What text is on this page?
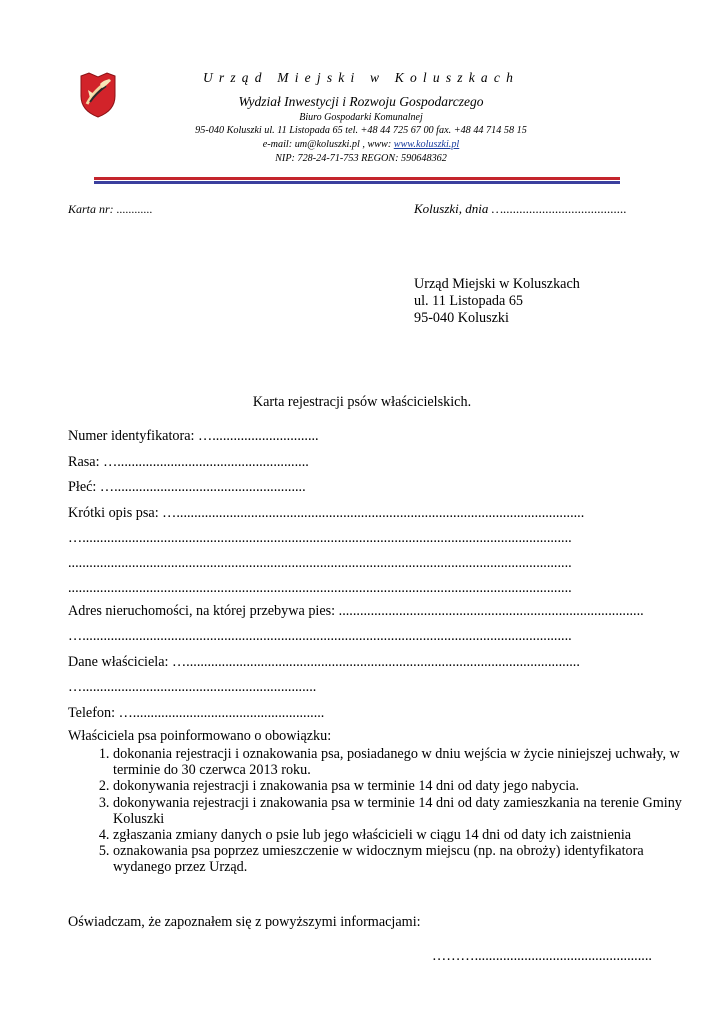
Urząd Miejski w Koluszkach
Wydział Inwestycji i Rozwoju Gospodarczego
Biuro Gospodarki Komunalnej
95-040 Koluszki ul. 11 Listopada 65 tel. +48 44 725 67 00 fax. +48 44 714 58 15
e-mail: um@koluszki.pl , www: www.koluszki.pl
NIP: 728-24-71-753 REGON: 590648362
Karta nr: ............	Koluszki, dnia …......................................
Urząd Miejski w Koluszkach
ul. 11 Listopada 65
95-040 Koluszki
Karta rejestracji psów właścicielskich.
Numer identyfikatora: …..............................
Rasa: …......................................................
Płeć: …......................................................
Krótki opis psa: …...................................................................................................................
…..........................................................................................................................................
..............................................................................................................................................
..............................................................................................................................................
Adres nieruchomości, na której przebywa pies: ......................................................................................
…..........................................................................................................................................
Dane właściciela: …...............................................................................................................
…..................................................................
Telefon: …......................................................
Właściciela psa poinformowano o obowiązku:
1. dokonania rejestracji i oznakowania psa, posiadanego w dniu wejścia w życie niniejszej uchwały, w terminie do 30 czerwca 2013 roku.
2. dokonywania rejestracji i znakowania psa w terminie 14 dni od daty jego nabycia.
3. dokonywania rejestracji i znakowania psa w terminie 14 dni od daty zamieszkania na terenie Gminy Koluszki
4. zgłaszania zmiany danych o psie lub jego właścicieli w ciągu 14 dni od daty ich zaistnienia
5. oznakowania psa poprzez umieszczenie w widocznym miejscu (np. na obroży) identyfikatora wydanego przez Urząd.
Oświadczam, że zapoznałem się z powyższymi informacjami:
………..................................................
